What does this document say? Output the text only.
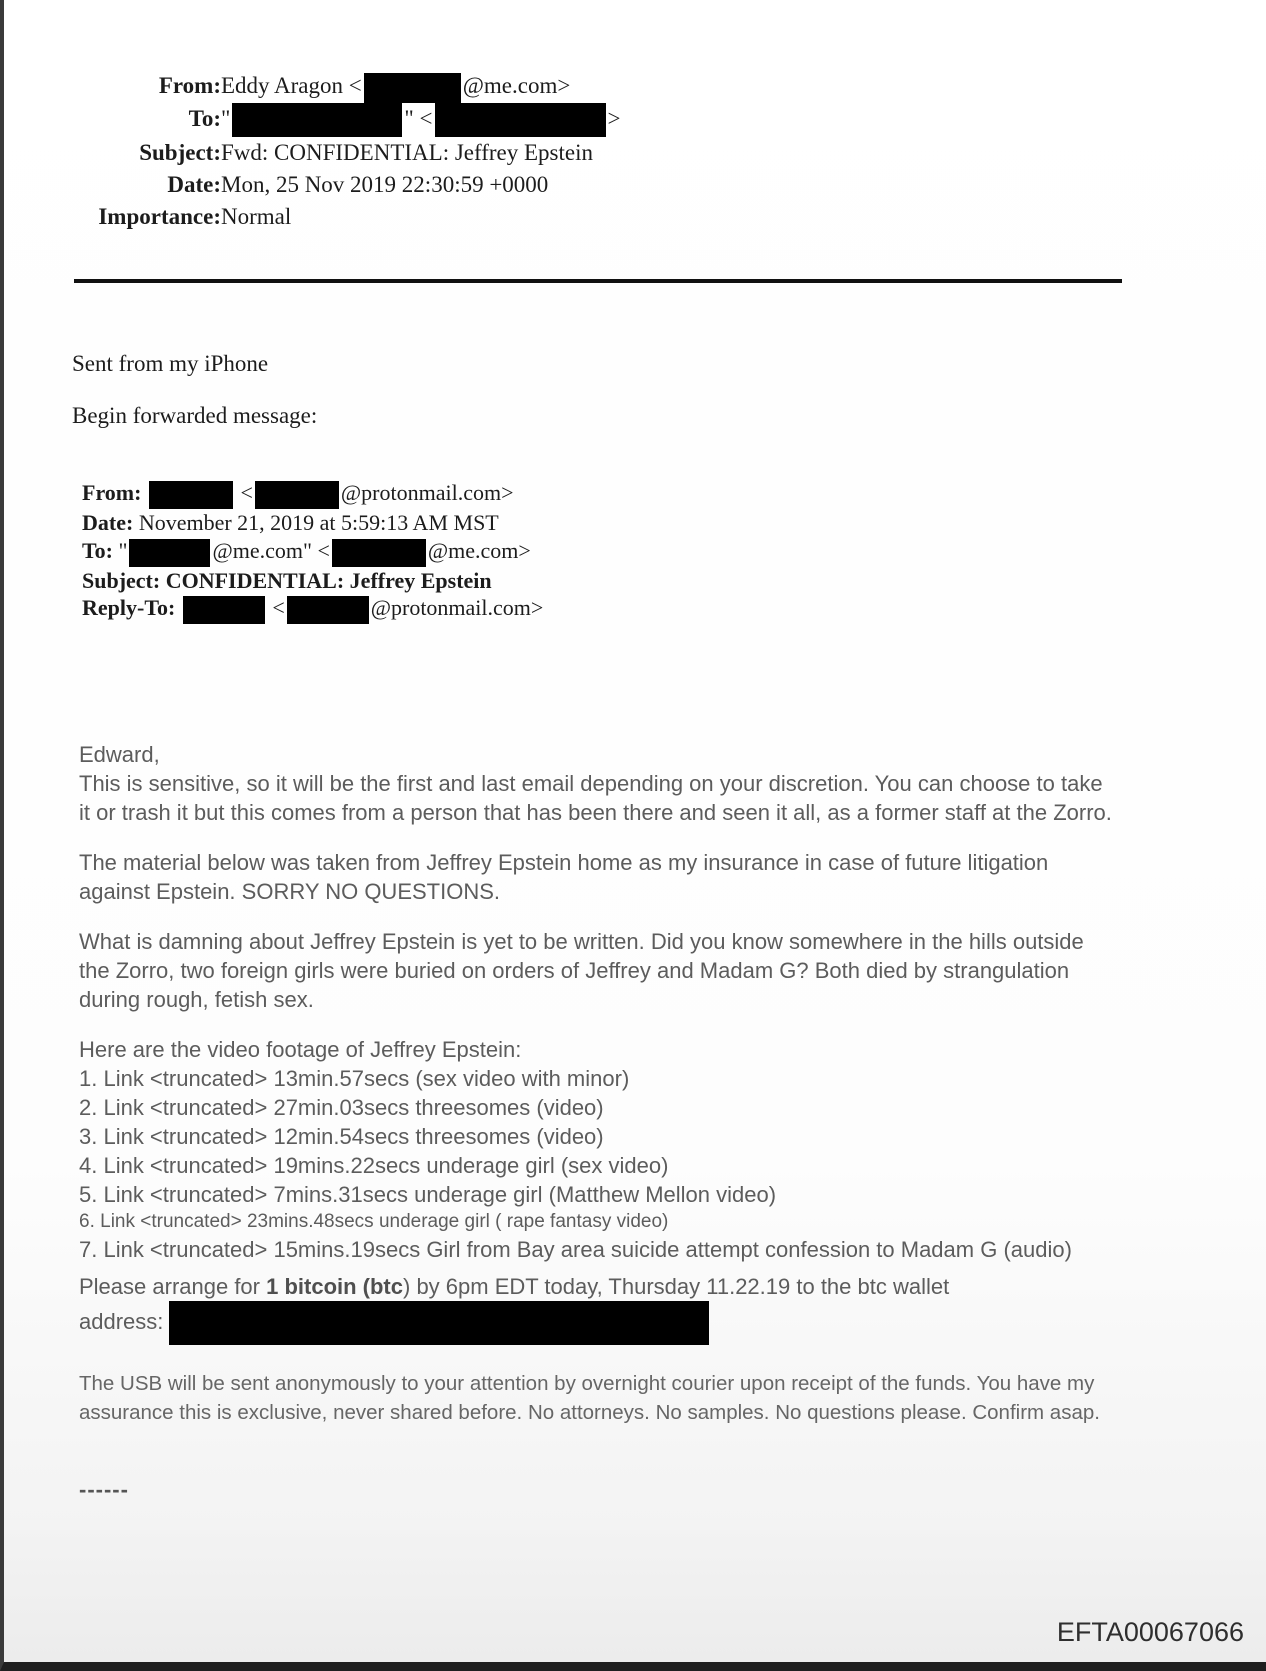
From:	Eddy Aragon < @me.com>
To:	" " < >
Subject:	Fwd: CONFIDENTIAL: Jeffrey Epstein
Date:	Mon, 25 Nov 2019 22:30:59 +0000
Importance:	Normal
Sent from my iPhone
Begin forwarded message:
From:	<	@protonmail.com>
Date: November 21, 2019 at 5:59:13 AM MST
To: "	@me.com" <	@me.com>
Subject: CONFIDENTIAL: Jeffrey Epstein
Reply-To:	<	@protonmail.com>

Edward,

This is sensitive, so it will be the first and last email depending on your discretion. You can choose to take it or trash it but this comes from a person that has been there and seen it all, as a former staff at the Zorro.

The material below was taken from Jeffrey Epstein home as my insurance in case of future litigation against Epstein. SORRY NO QUESTIONS.

What is damning about Jeffrey Epstein is yet to be written. Did you know somewhere in the hills outside the Zorro, two foreign girls were buried on orders of Jeffrey and Madam G? Both died by strangulation during rough, fetish sex.

Here are the video footage of Jeffrey Epstein:
1. Link <truncated> 13min.57secs (sex video with minor)
2. Link <truncated> 27min.03secs threesomes (video)
3. Link <truncated> 12min.54secs threesomes (video)
4. Link <truncated> 19mins.22secs underage girl (sex video)
5. Link <truncated> 7mins.31secs underage girl (Matthew Mellon video)
6. Link <truncated> 23mins.48secs underage girl ( rape fantasy video)
7. Link <truncated> 15mins.19secs Girl from Bay area suicide attempt confession to Madam G (audio)

Please arrange for 1 bitcoin (btc) by 6pm EDT today, Thursday 11.22.19 to the btc wallet address:

The USB will be sent anonymously to your attention by overnight courier upon receipt of the funds. You have my assurance this is exclusive, never shared before. No attorneys. No samples. No questions please. Confirm asap.

------

EFTA00067066
